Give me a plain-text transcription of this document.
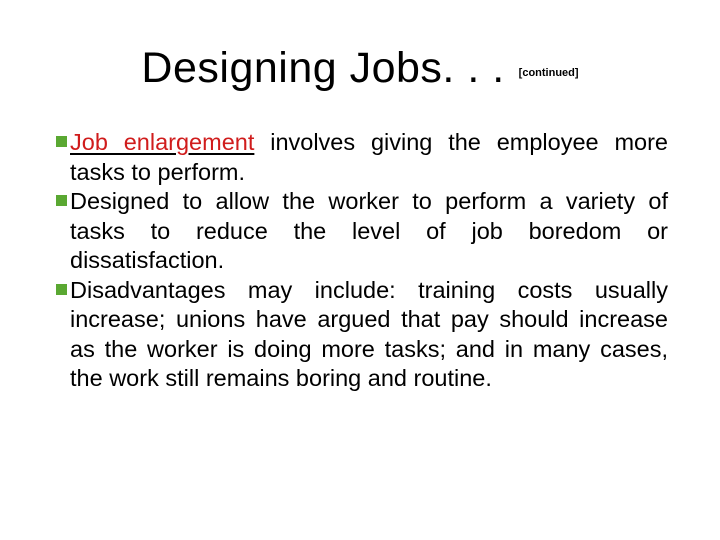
Designing Jobs. . . [continued]
Job enlargement involves giving the employee more tasks to perform.
Designed to allow the worker to perform a variety of tasks to reduce the level of job boredom or dissatisfaction.
Disadvantages may include: training costs usually increase; unions have argued that pay should increase as the worker is doing more tasks; and in many cases, the work still remains boring and routine.
